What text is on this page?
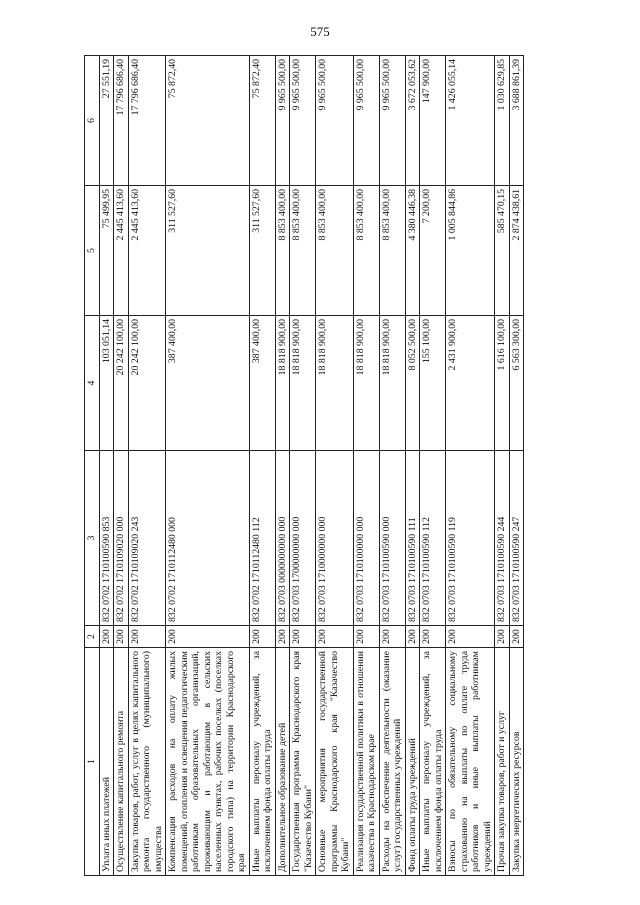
575
1	2	3	4	5	6
Уплата иных платежей	200	832 0702 1710100590 853	103 051,14	75 499,95	27 551,19
Осуществление капитального ремонта	200	832 0702 1710109020 000	20 242 100,00	2 445 413,60	17 796 686,40
Закупка товаров, работ, услуг в целях капитального ремонта государственного (муниципального) имущества	200	832 0702 1710109020 243	20 242 100,00	2 445 413,60	17 796 686,40
Компенсация расходов на оплату жилых помещений, отопления и освещения педагогическим работникам образовательных организаций, проживающим и работающим в сельских населенных пунктах, рабочих поселках (поселках городского типа) на территории Краснодарского края	200	832 0702 1710112480 000	387 400,00	311 527,60	75 872,40
Иные выплаты персоналу учреждений, за исключением фонда оплаты труда	200	832 0702 1710112480 112	387 400,00	311 527,60	75 872,40
Дополнительное образование детей	200	832 0703 0000000000 000	18 818 900,00	8 853 400,00	9 965 500,00
Государственная программа Краснодарского края "Казачество Кубани"	200	832 0703 1700000000 000	18 818 900,00	8 853 400,00	9 965 500,00
Основные мероприятия государственной программы Краснодарского края "Казачество Кубани"	200	832 0703 1710000000 000	18 818 900,00	8 853 400,00	9 965 500,00
Реализация государственной политики в отношении казачества в Краснодарском крае	200	832 0703 1710100000 000	18 818 900,00	8 853 400,00	9 965 500,00
Расходы на обеспечение деятельности (оказание услуг) государственных учреждений	200	832 0703 1710100590 000	18 818 900,00	8 853 400,00	9 965 500,00
Фонд оплаты труда учреждений	200	832 0703 1710100590 111	8 052 500,00	4 380 446,38	3 672 053,62
Иные выплаты персоналу учреждений, за исключением фонда оплаты труда	200	832 0703 1710100590 112	155 100,00	7 200,00	147 900,00
Взносы по обязательному социальному страхованию на выплаты по оплате труда работников и иные выплаты работникам учреждений	200	832 0703 1710100590 119	2 431 900,00	1 005 844,86	1 426 055,14
Прочая закупка товаров, работ и услуг	200	832 0703 1710100590 244	1 616 100,00	585 470,15	1 030 629,85
Закупка энергетических ресурсов	200	832 0703 1710100590 247	6 563 300,00	2 874 438,61	3 688 861,39
